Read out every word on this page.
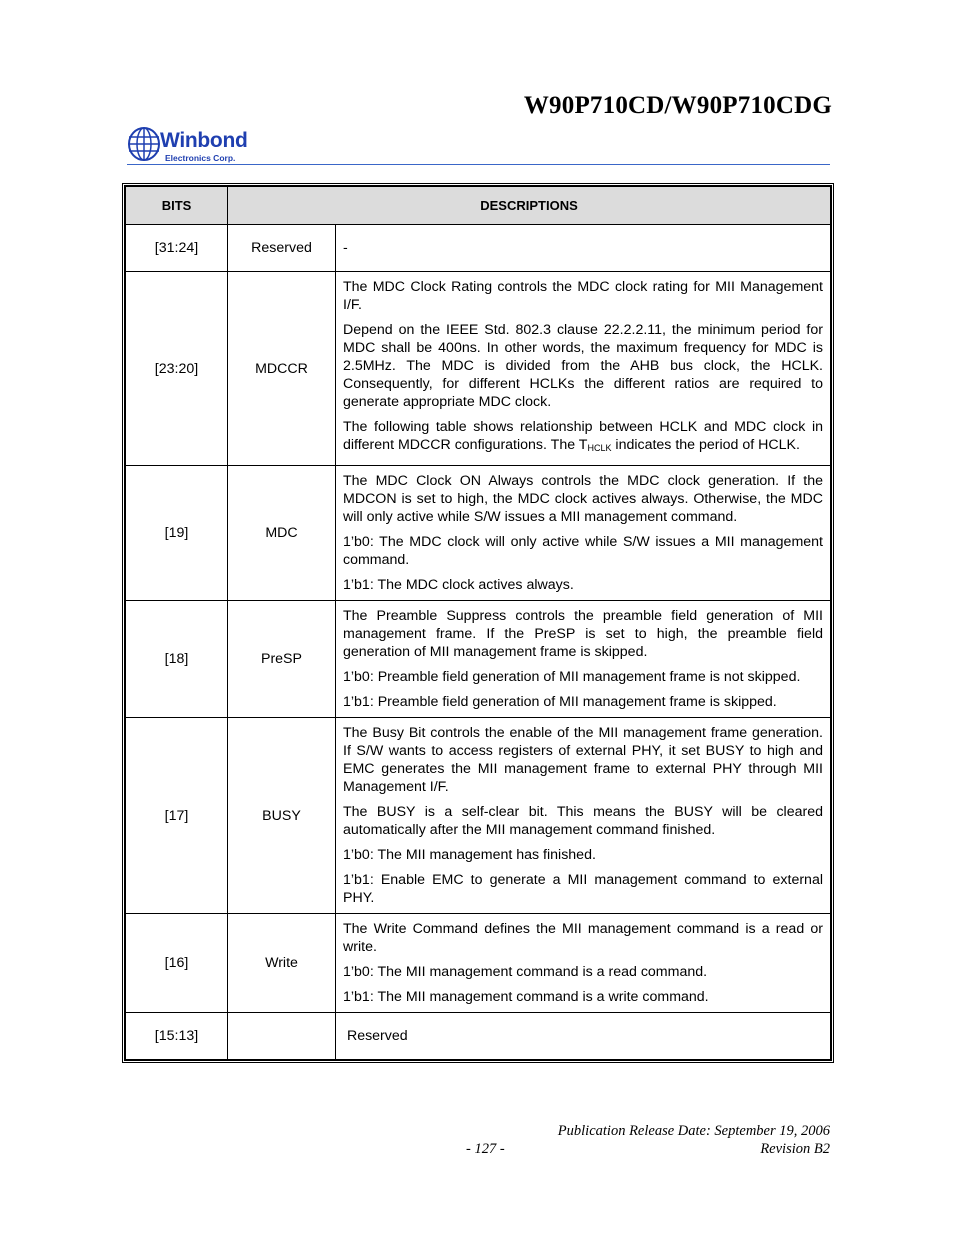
W90P710CD/W90P710CDG
Winbond
Electronics Corp.
BITS	DESCRIPTIONS	
[31:24]	Reserved	-

[23:20]	MDCCR	The MDC Clock Rating controls the MDC clock rating for MII Management I/F.

Depend on the IEEE Std. 802.3 clause 22.2.2.11, the minimum period for MDC shall be 400ns. In other words, the maximum frequency for MDC is 2.5MHz. The MDC is divided from the AHB bus clock, the HCLK. Consequently, for different HCLKs the different ratios are required to generate appropriate MDC clock.

The following table shows relationship between HCLK and MDC clock in different MDCCR configurations. The $T_{HCLK}$ indicates the period of HCLK.

[19]	MDC	The MDC Clock ON Always controls the MDC clock generation. If the MDCON is set to high, the MDC clock actives always. Otherwise, the MDC will only active while S/W issues a MII management command.

1’b0: The MDC clock will only active while S/W issues a MII management command.

1’b1: The MDC clock actives always.

[18]	PreSP	The Preamble Suppress controls the preamble field generation of MII management frame. If the PreSP is set to high, the preamble field generation of MII management frame is skipped.

1’b0: Preamble field generation of MII management frame is not skipped.

1’b1: Preamble field generation of MII management frame is skipped.

[17]	BUSY	The Busy Bit controls the enable of the MII management frame generation. If S/W wants to access registers of external PHY, it set BUSY to high and EMC generates the MII management frame to external PHY through MII Management I/F.

The BUSY is a self-clear bit. This means the BUSY will be cleared automatically after the MII management command finished.

1’b0: The MII management has finished.

1’b1: Enable EMC to generate a MII management command to external PHY.

[16]	Write	The Write Command defines the MII management command is a read or write.

1’b0: The MII management command is a read command.

1’b1: The MII management command is a write command.

[15:13]		Reserved

Publication Release Date: September 19, 2006
- 127 -	Revision B2
